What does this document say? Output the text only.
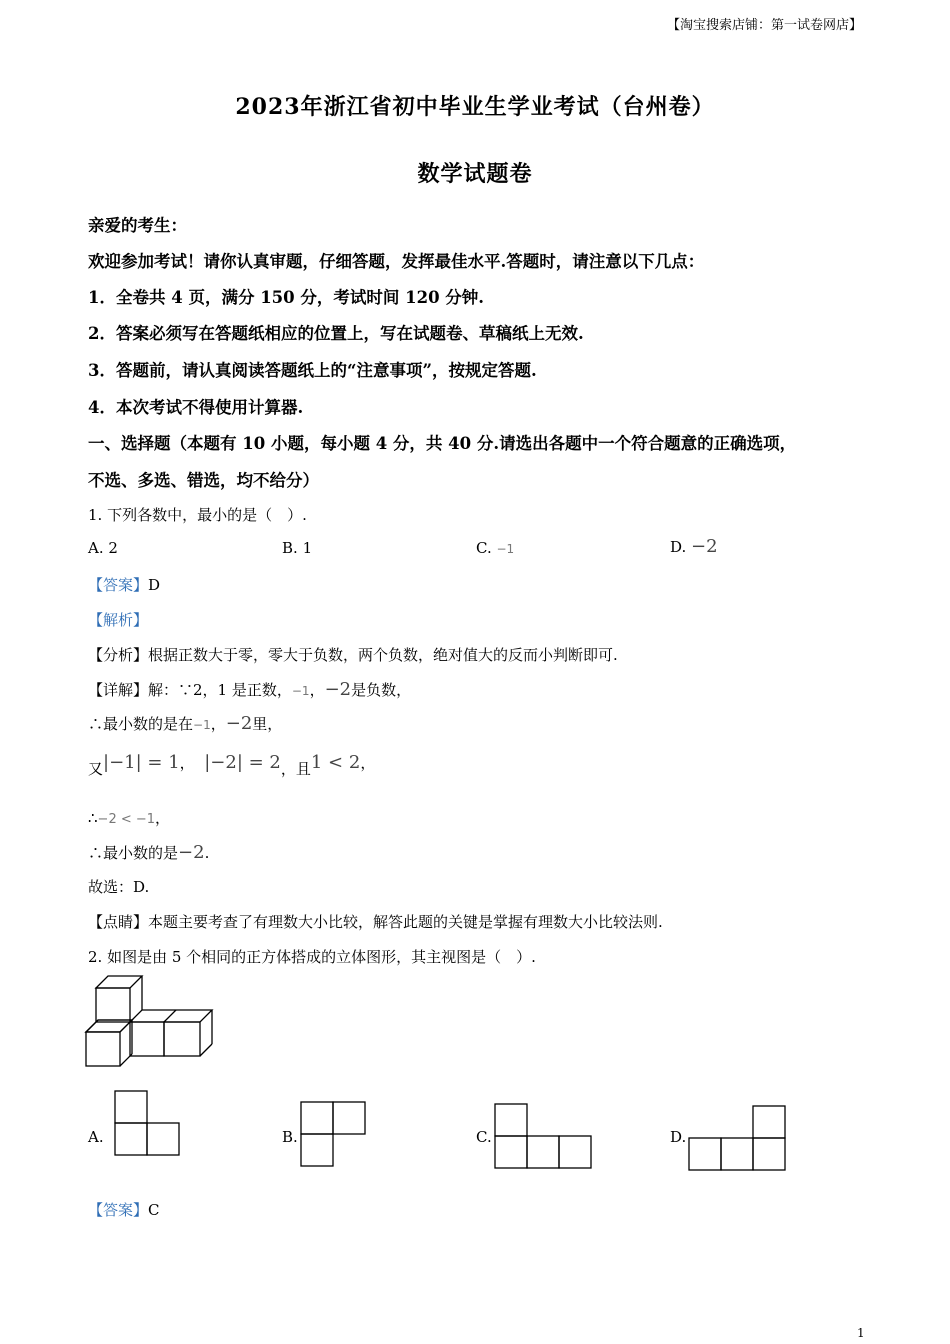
【淘宝搜索店铺：第一试卷网店】
2023年浙江省初中毕业生学业考试（台州卷）
数学试题卷
亲爱的考生：
欢迎参加考试！请你认真审题，仔细答题，发挥最佳水平.答题时，请注意以下几点：
1．全卷共 4 页，满分 150 分，考试时间 120 分钟.
2．答案必须写在答题纸相应的位置上，写在试题卷、草稿纸上无效.
3．答题前，请认真阅读答题纸上的“注意事项”，按规定答题.
4．本次考试不得使用计算器.
一、选择题（本题有 10 小题，每小题 4 分，共 40 分.请选出各题中一个符合题意的正确选项，
不选、多选、错选，均不给分）
1. 下列各数中，最小的是（　）.
A. 2	B. 1	C. −1	D. −2
【答案】D
【解析】
【分析】根据正数大于零，零大于负数，两个负数，绝对值大的反而小判断即可.
【详解】解：∵2，1 是正数，−1，−2是负数，
∴最小数的是在−1，−2里，
又|−1| = 1， |−2| = 2，且1 < 2，
∴−2 < −1，
∴最小数的是−2.
故选：D.
【点睛】本题主要考查了有理数大小比较，解答此题的关键是掌握有理数大小比较法则.
2. 如图是由 5 个相同的正方体搭成的立体图形，其主视图是（　）.
A.	B.	C.	D.
【答案】C
1
